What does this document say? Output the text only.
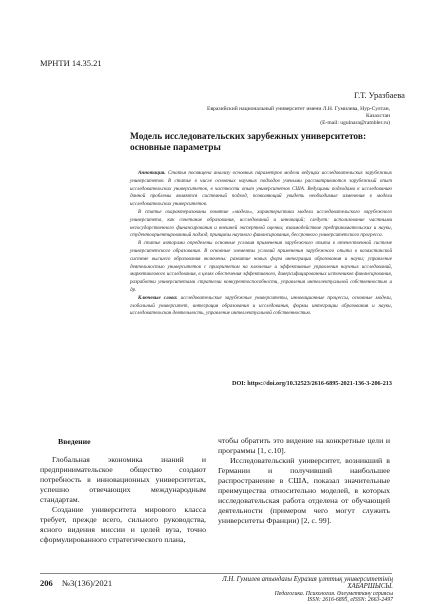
МРНТИ 14.35.21
Г.Т. Уразбаева
Евразийский национальный университет имени Л.Н. Гумилева, Нур-Султан, Казахстан
(E-mail: ugulnara@rambler.ru)
Модель исследовательских зарубежных университетов:
основные параметры

Аннотация. Статья посвящена анализу основных параметров модели ведущих исследовательских зарубежных университетов. В статье в числе основных научных подходов учеными рассматриваются зарубежный опыт исследовательских университетов, в частности опыт университетов США. Ведущими подходами к исследованию данной проблемы являются системный подход, позволяющий увидеть необходимые изменения в модели исследовательских университетов.

В статье охарактеризованы понятие «модель», характеристики модели исследовательского зарубежного университета, как сочетание образования, исследований и инноваций; следует: использование частными негосударственного финансирования и внешней экспертной оценки; взаимодействие предпринимательских и науки, студентоориентированный подход, принципы научного финансирования, бессрочного университетского прогресса.

В статье авторами определены основные условия применения зарубежного опыта в отечественной системе университетского образования. В основные элементы условий применения зарубежного опыта в казахстанской системе высшего образования включены: развитие новых форм интеграции образования и науки; управление деятельностью университетов с приоритетом на ключевые и эффективные управления научных исследований, маркетингового исследования, в целях обеспечения эффективного, диверсифицированных источников финансирования, разработки университетами стратегии конкурентоспособности, управления интеллектуальной собственностью и др.

Ключевые слова: исследовательские зарубежные университеты, инновационные процессы, основные модели, глобальный университет, интеграция образования и исследования, формы интеграции образования и науки, исследовательская деятельность, управление интеллектуальной собственностью.

DOI: https://doi.org/10.32523/2616-6895-2021-136-3-206-213
Введение

Глобальная экономика знаний и предпринимательское общество создают потребность в инновационных университетах, успешно отвечающих международным стандартам.

Создание университета мирового класса требует, прежде всего, сильного руководства, ясного видения миссии и целей вуза, точно сформулированного стратегического плана,

чтобы обратить это видение на конкретные цели и программы [1, с.10].

Исследовательский университет, возникший в Германии и получивший наибольшее распространение в США, показал значительные преимущества относительно моделей, в которых исследовательская работа отделена от обучающей деятельности (примером чего могут служить университеты Франции) [2, с. 99].

206 №3(136)/2021	Л.Н. Гумилев атындағы Еуразия ұлттық университетінің ХАБАРШЫСЫ.
Педагогика. Психология. Әлеуметтану сериясы
ISSN: 2616-6895, eISSN: 2663-2497
